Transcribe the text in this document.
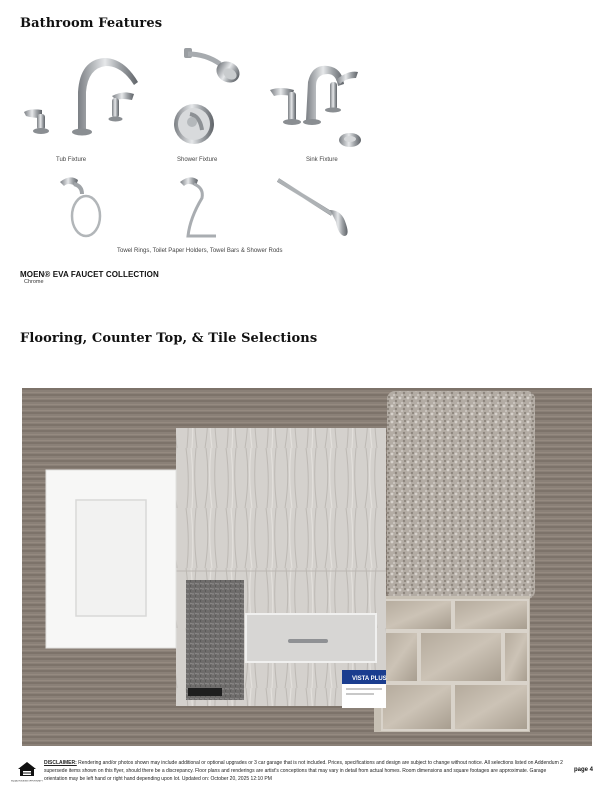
Bathroom Features
Tub Fixture	Shower Fixture	Sink Fixture
Towel Rings, Toilet Paper Holders, Towel Bars & Shower Rods
MOEN® EVA FAUCET COLLECTION
Chrome
Flooring, Counter Top, & Tile Selections
VISTA PLUS
EQUAL HOUSING OPPORTUNITY
DISCLAIMER: Rendering and/or photos shown may include additional or optional upgrades or 3 car garage that is not included. Prices, specifications and design are subject to change without notice. All selections listed on Addendum 2 supersede items shown on this flyer, should there be a discrepancy. Floor plans and renderings are artist's conceptions that may vary in detail from actual homes. Room dimensions and square footages are approximate. Garage orientation may be left hand or right hand depending upon lot. Updated on: October 20, 2025 12:10 PM
page 4
